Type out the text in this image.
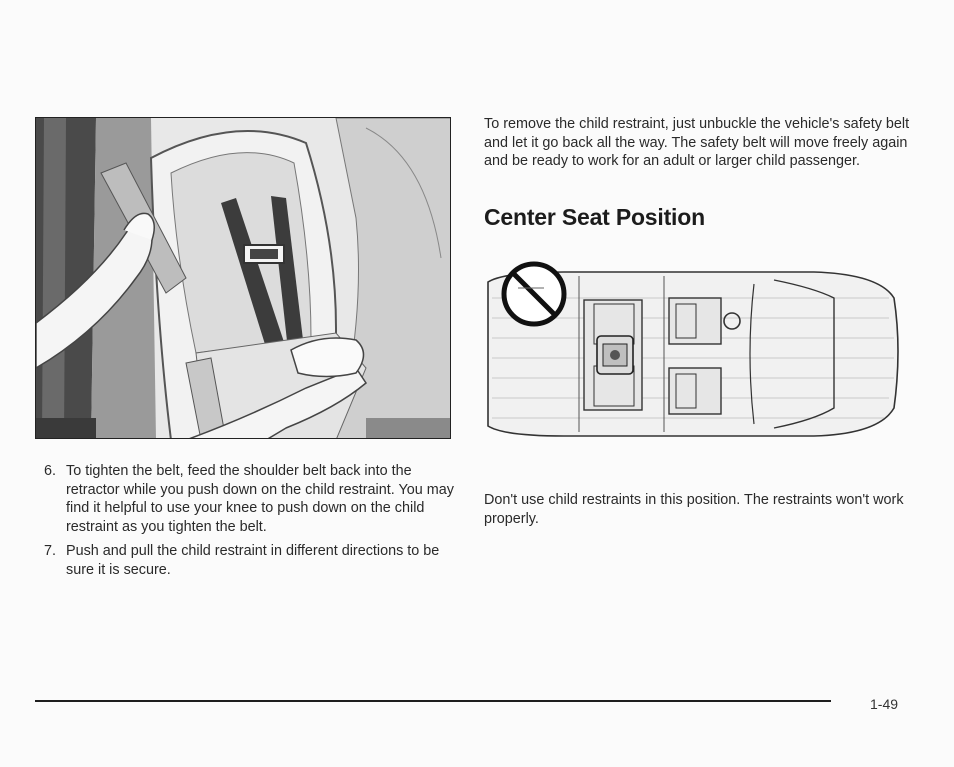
6. To tighten the belt, feed the shoulder belt back into the retractor while you push down on the child restraint. You may find it helpful to use your knee to push down on the child restraint as you tighten the belt.
7. Push and pull the child restraint in different directions to be sure it is secure.

To remove the child restraint, just unbuckle the vehicle's safety belt and let it go back all the way. The safety belt will move freely again and be ready to work for an adult or larger child passenger.

Center Seat Position

Don't use child restraints in this position. The restraints won't work properly.

1-49
